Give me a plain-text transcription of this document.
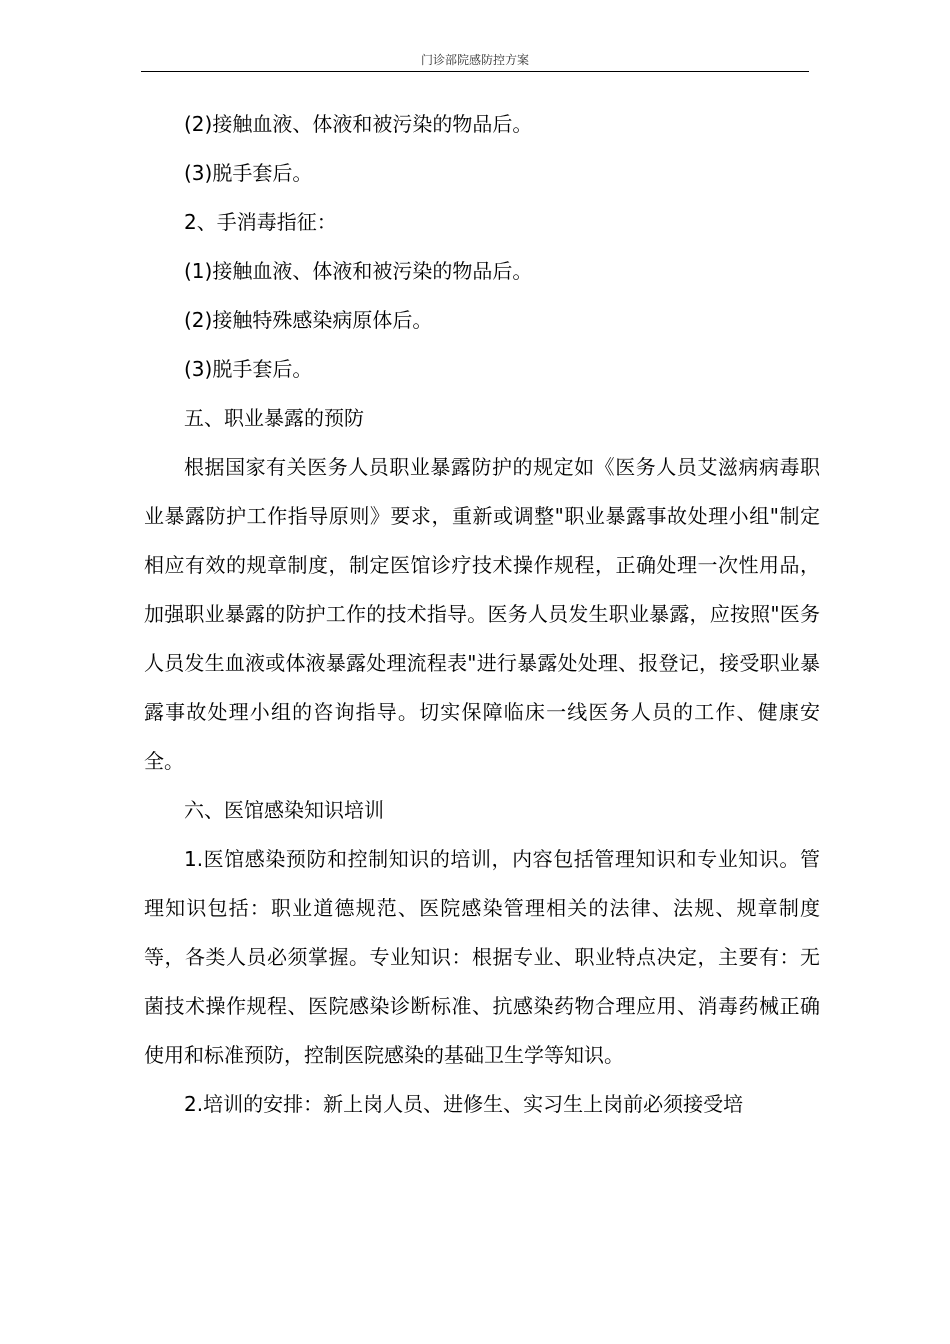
门诊部院感防控方案

(2)接触血液、体液和被污染的物品后。

(3)脱手套后。

2、手消毒指征：

(1)接触血液、体液和被污染的物品后。

(2)接触特殊感染病原体后。

(3)脱手套后。

五、职业暴露的预防

根据国家有关医务人员职业暴露防护的规定如《医务人员艾滋病病毒职业暴露防护工作指导原则》要求，重新或调整"职业暴露事故处理小组"制定相应有效的规章制度，制定医馆诊疗技术操作规程，正确处理一次性用品，加强职业暴露的防护工作的技术指导。医务人员发生职业暴露，应按照"医务人员发生血液或体液暴露处理流程表"进行暴露处处理、报登记，接受职业暴露事故处理小组的咨询指导。切实保障临床一线医务人员的工作、健康安全。

六、医馆感染知识培训

1.医馆感染预防和控制知识的培训，内容包括管理知识和专业知识。管理知识包括：职业道德规范、医院感染管理相关的法律、法规、规章制度等，各类人员必须掌握。专业知识：根据专业、职业特点决定，主要有：无菌技术操作规程、医院感染诊断标准、抗感染药物合理应用、消毒药械正确使用和标准预防，控制医院感染的基础卫生学等知识。

2.培训的安排：新上岗人员、进修生、实习生上岗前必须接受培
